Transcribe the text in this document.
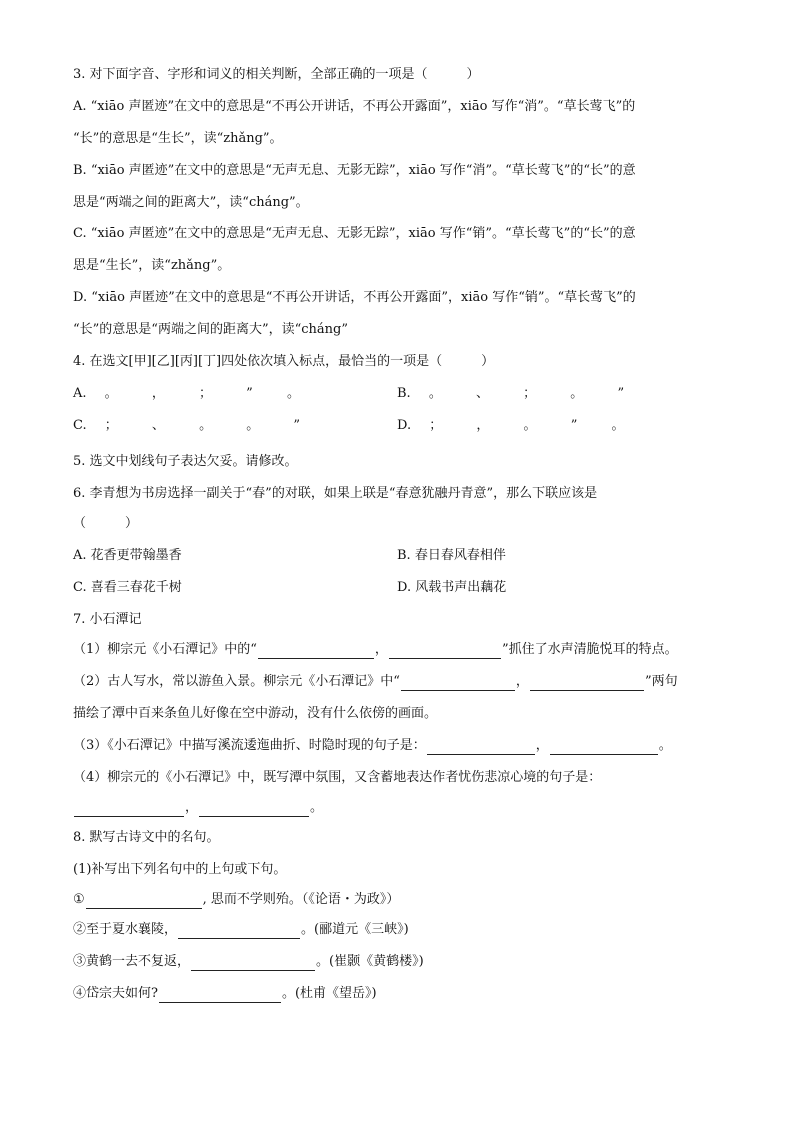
3. 对下面字音、字形和词义的相关判断，全部正确的一项是（　　　）
A. “xiāo 声匿迹”在文中的意思是“不再公开讲话，不再公开露面”，xiāo 写作“消”。“草长莺飞”的
“长”的意思是“生长”，读“zhǎng”。
B. “xiāo 声匿迹”在文中的意思是“无声无息、无影无踪”，xiāo 写作“消”。“草长莺飞”的“长”的意
思是“两端之间的距离大”，读“cháng”。
C. “xiāo 声匿迹”在文中的意思是“无声无息、无影无踪”，xiāo 写作“销”。“草长莺飞”的“长”的意
思是“生长”，读“zhǎng”。
D. “xiāo 声匿迹”在文中的意思是“不再公开讲话，不再公开露面”，xiāo 写作“销”。“草长莺飞”的
“长”的意思是“两端之间的距离大”，读“cháng”
4. 在选文[甲][乙][丙][丁]四处依次填入标点，最恰当的一项是（　　　）
A. 。	，	；	”	。	B. 。	、	；	。	”
C. ；	、	。	。	”	D. ；	，	。	”	。
5. 选文中划线句子表达欠妥。请修改。
6. 李青想为书房选择一副关于“春”的对联，如果上联是“春意犹融丹青意”，那么下联应该是
（　　　）
A. 花香更带翰墨香	B. 春日春风春相伴
C. 喜看三春花千树	D. 风载书声出藕花
7. 小石潭记
（1）柳宗元《小石潭记》中的“	，	”抓住了水声清脆悦耳的特点。
（2）古人写水，常以游鱼入景。柳宗元《小石潭记》中“	，	”两句
描绘了潭中百来条鱼儿好像在空中游动，没有什么依傍的画面。
（3）《小石潭记》中描写溪流逶迤曲折、时隐时现的句子是：	，	。
（4）柳宗元的《小石潭记》中，既写潭中氛围，又含蓄地表达作者忧伤悲凉心境的句子是：
，	。
8. 默写古诗文中的名句。
(1)补写出下列名句中的上句或下句。
①	, 思而不学则殆。（《论语・为政》）
②至于夏水襄陵，	。(郦道元《三峡》)
③黄鹤一去不复返，	。(崔颢《黄鹤楼》)
④岱宗夫如何?	。(杜甫《望岳》)
